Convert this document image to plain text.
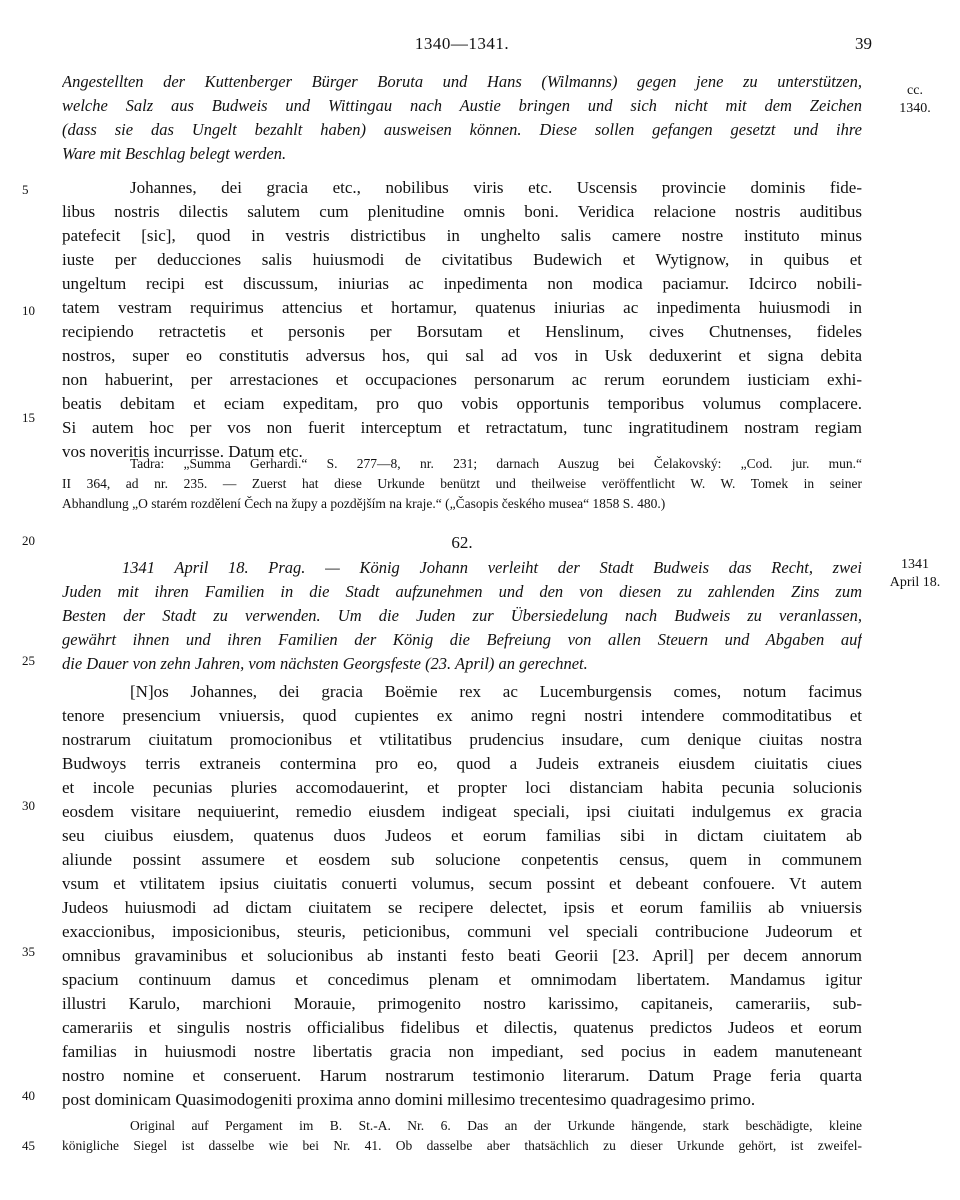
1340—1341.	39
cc.
1340.
1341
April 18.
5
10
15
20
25
30
35
40
45
Angestellten der Kuttenberger Bürger Boruta und Hans (Wilmanns) gegen jene zu unterstützen,
welche Salz aus Budweis und Wittingau nach Austie bringen und sich nicht mit dem Zeichen
(dass sie das Ungelt bezahlt haben) ausweisen können. Diese sollen gefangen gesetzt und ihre
Ware mit Beschlag belegt werden.
Johannes, dei gracia etc., nobilibus viris etc. Uscensis provincie dominis fide-
libus nostris dilectis salutem cum plenitudine omnis boni. Veridica relacione nostris auditibus
patefecit [sic], quod in vestris districtibus in unghelto salis camere nostre instituto minus
iuste per deducciones salis huiusmodi de civitatibus Budewich et Wytignow, in quibus et
ungeltum recipi est discussum, iniurias ac inpedimenta non modica paciamur. Idcirco nobili-
tatem vestram requirimus attencius et hortamur, quatenus iniurias ac inpedimenta huiusmodi in
recipiendo retractetis et personis per Borsutam et Henslinum, cives Chutnenses, fideles
nostros, super eo constitutis adversus hos, qui sal ad vos in Usk deduxerint et signa debita
non habuerint, per arrestaciones et occupaciones personarum ac rerum eorundem iusticiam exhi-
beatis debitam et eciam expeditam, pro quo vobis opportunis temporibus volumus complacere.
Si autem hoc per vos non fuerit interceptum et retractatum, tunc ingratitudinem nostram regiam
vos noveritis incurrisse. Datum etc.
Tadra: „Summa Gerhardi.“ S. 277—8, nr. 231; darnach Auszug bei Čelakovský: „Cod. jur. mun.“
II 364, ad nr. 235. — Zuerst hat diese Urkunde benützt und theilweise veröffentlicht W. W. Tomek in seiner
Abhandlung „O starém rozdělení Čech na župy a pozdějším na kraje.“ („Časopis českého musea“ 1858 S. 480.)
62.
1341 April 18. Prag. — König Johann verleiht der Stadt Budweis das Recht, zwei
Juden mit ihren Familien in die Stadt aufzunehmen und den von diesen zu zahlenden Zins zum
Besten der Stadt zu verwenden. Um die Juden zur Übersiedelung nach Budweis zu veranlassen,
gewährt ihnen und ihren Familien der König die Befreiung von allen Steuern und Abgaben auf
die Dauer von zehn Jahren, vom nächsten Georgsfeste (23. April) an gerechnet.
[N]os Johannes, dei gracia Boëmie rex ac Lucemburgensis comes, notum facimus
tenore presencium vniuersis, quod cupientes ex animo regni nostri intendere commoditatibus et
nostrarum ciuitatum promocionibus et vtilitatibus prudencius insudare, cum denique ciuitas nostra
Budwoys terris extraneis contermina pro eo, quod a Judeis extraneis eiusdem ciuitatis ciues
et incole pecunias pluries accomodauerint, et propter loci distanciam habita pecunia solucionis
eosdem visitare nequiuerint, remedio eiusdem indigeat speciali, ipsi ciuitati indulgemus ex gracia
seu ciuibus eiusdem, quatenus duos Judeos et eorum familias sibi in dictam ciuitatem ab
aliunde possint assumere et eosdem sub solucione conpetentis census, quem in communem
vsum et vtilitatem ipsius ciuitatis conuerti volumus, secum possint et debeant confouere. Vt autem
Judeos huiusmodi ad dictam ciuitatem se recipere delectet, ipsis et eorum familiis ab vniuersis
exaccionibus, imposicionibus, steuris, peticionibus, communi vel speciali contribucione Judeorum et
omnibus gravaminibus et solucionibus ab instanti festo beati Georii [23. April] per decem annorum
spacium continuum damus et concedimus plenam et omnimodam libertatem. Mandamus igitur
illustri Karulo, marchioni Morauie, primogenito nostro karissimo, capitaneis, camerariis, sub-
camerariis et singulis nostris officialibus fidelibus et dilectis, quatenus predictos Judeos et eorum
familias in huiusmodi nostre libertatis gracia non impediant, sed pocius in eadem manuteneant
nostro nomine et conseruent. Harum nostrarum testimonio literarum. Datum Prage feria quarta
post dominicam Quasimodogeniti proxima anno domini millesimo trecentesimo quadragesimo primo.
Original auf Pergament im B. St.-A. Nr. 6. Das an der Urkunde hängende, stark beschädigte, kleine
königliche Siegel ist dasselbe wie bei Nr. 41. Ob dasselbe aber thatsächlich zu dieser Urkunde gehört, ist zweifel-
